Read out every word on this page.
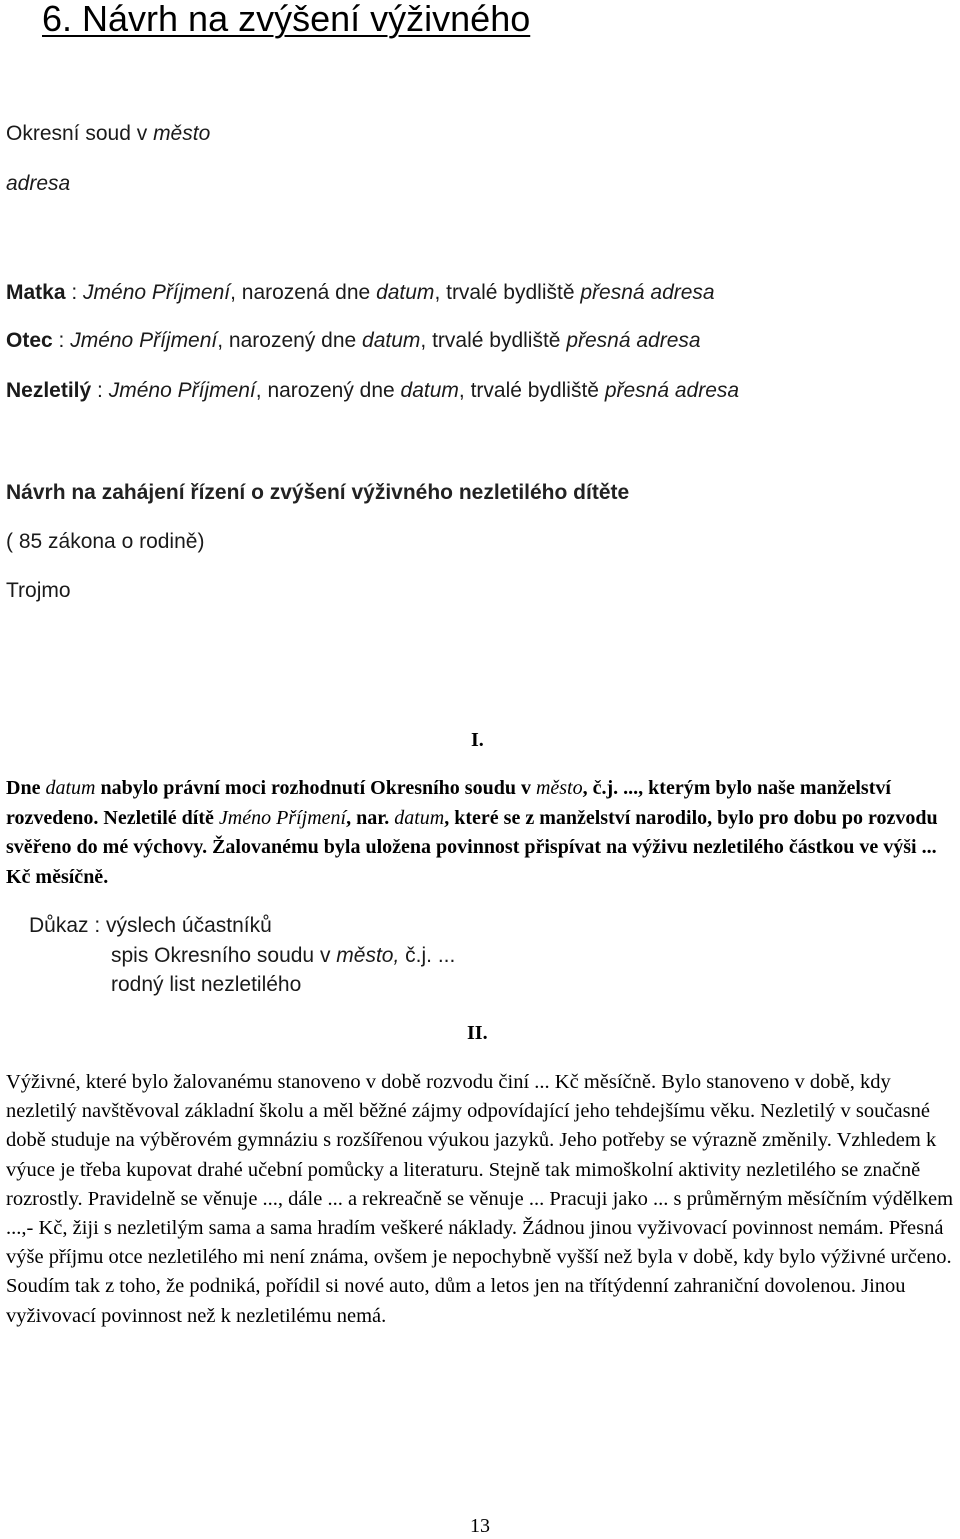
6. Návrh na zvýšení výživného
Okresní soud v město
adresa
Matka : Jméno Příjmení, narozená dne datum, trvalé bydliště přesná adresa
Otec : Jméno Příjmení, narozený dne datum, trvalé bydliště přesná adresa
Nezletilý : Jméno Příjmení, narozený dne datum, trvalé bydliště přesná adresa
Návrh na zahájení řízení o zvýšení výživného nezletilého dítěte
( 85 zákona o rodině)
Trojmo
I.
Dne datum nabylo právní moci rozhodnutí Okresního soudu v město, č.j. ..., kterým bylo naše manželství rozvedeno. Nezletilé dítě Jméno Příjmení, nar. datum, které se z manželství narodilo, bylo pro dobu po rozvodu svěřeno do mé výchovy. Žalovanému byla uložena povinnost přispívat na výživu nezletilého částkou ve výši ... Kč měsíčně.
Důkaz : výslech účastníků
spis Okresního soudu v město, č.j. ...
rodný list nezletilého
II.
Výživné, které bylo žalovanému stanoveno v době rozvodu činí ... Kč měsíčně. Bylo stanoveno v době, kdy nezletilý navštěvoval základní školu a měl běžné zájmy odpovídající jeho tehdejšímu věku. Nezletilý v současné době studuje na výběrovém gymnáziu s rozšířenou výukou jazyků. Jeho potřeby se výrazně změnily. Vzhledem k výuce je třeba kupovat drahé učební pomůcky a literaturu. Stejně tak mimoškolní aktivity nezletilého se značně rozrostly. Pravidelně se věnuje ..., dále ... a rekreačně se věnuje ... Pracuji jako ... s průměrným měsíčním výdělkem ...,- Kč, žiji s nezletilým sama a sama hradím veškeré náklady. Žádnou jinou vyživovací povinnost nemám. Přesná výše příjmu otce nezletilého mi není známa, ovšem je nepochybně vyšší než byla v době, kdy bylo výživné určeno. Soudím tak z toho, že podniká, pořídil si nové auto, dům a letos jen na třítýdenní zahraniční dovolenou. Jinou vyživovací povinnost než k nezletilému nemá.
13
